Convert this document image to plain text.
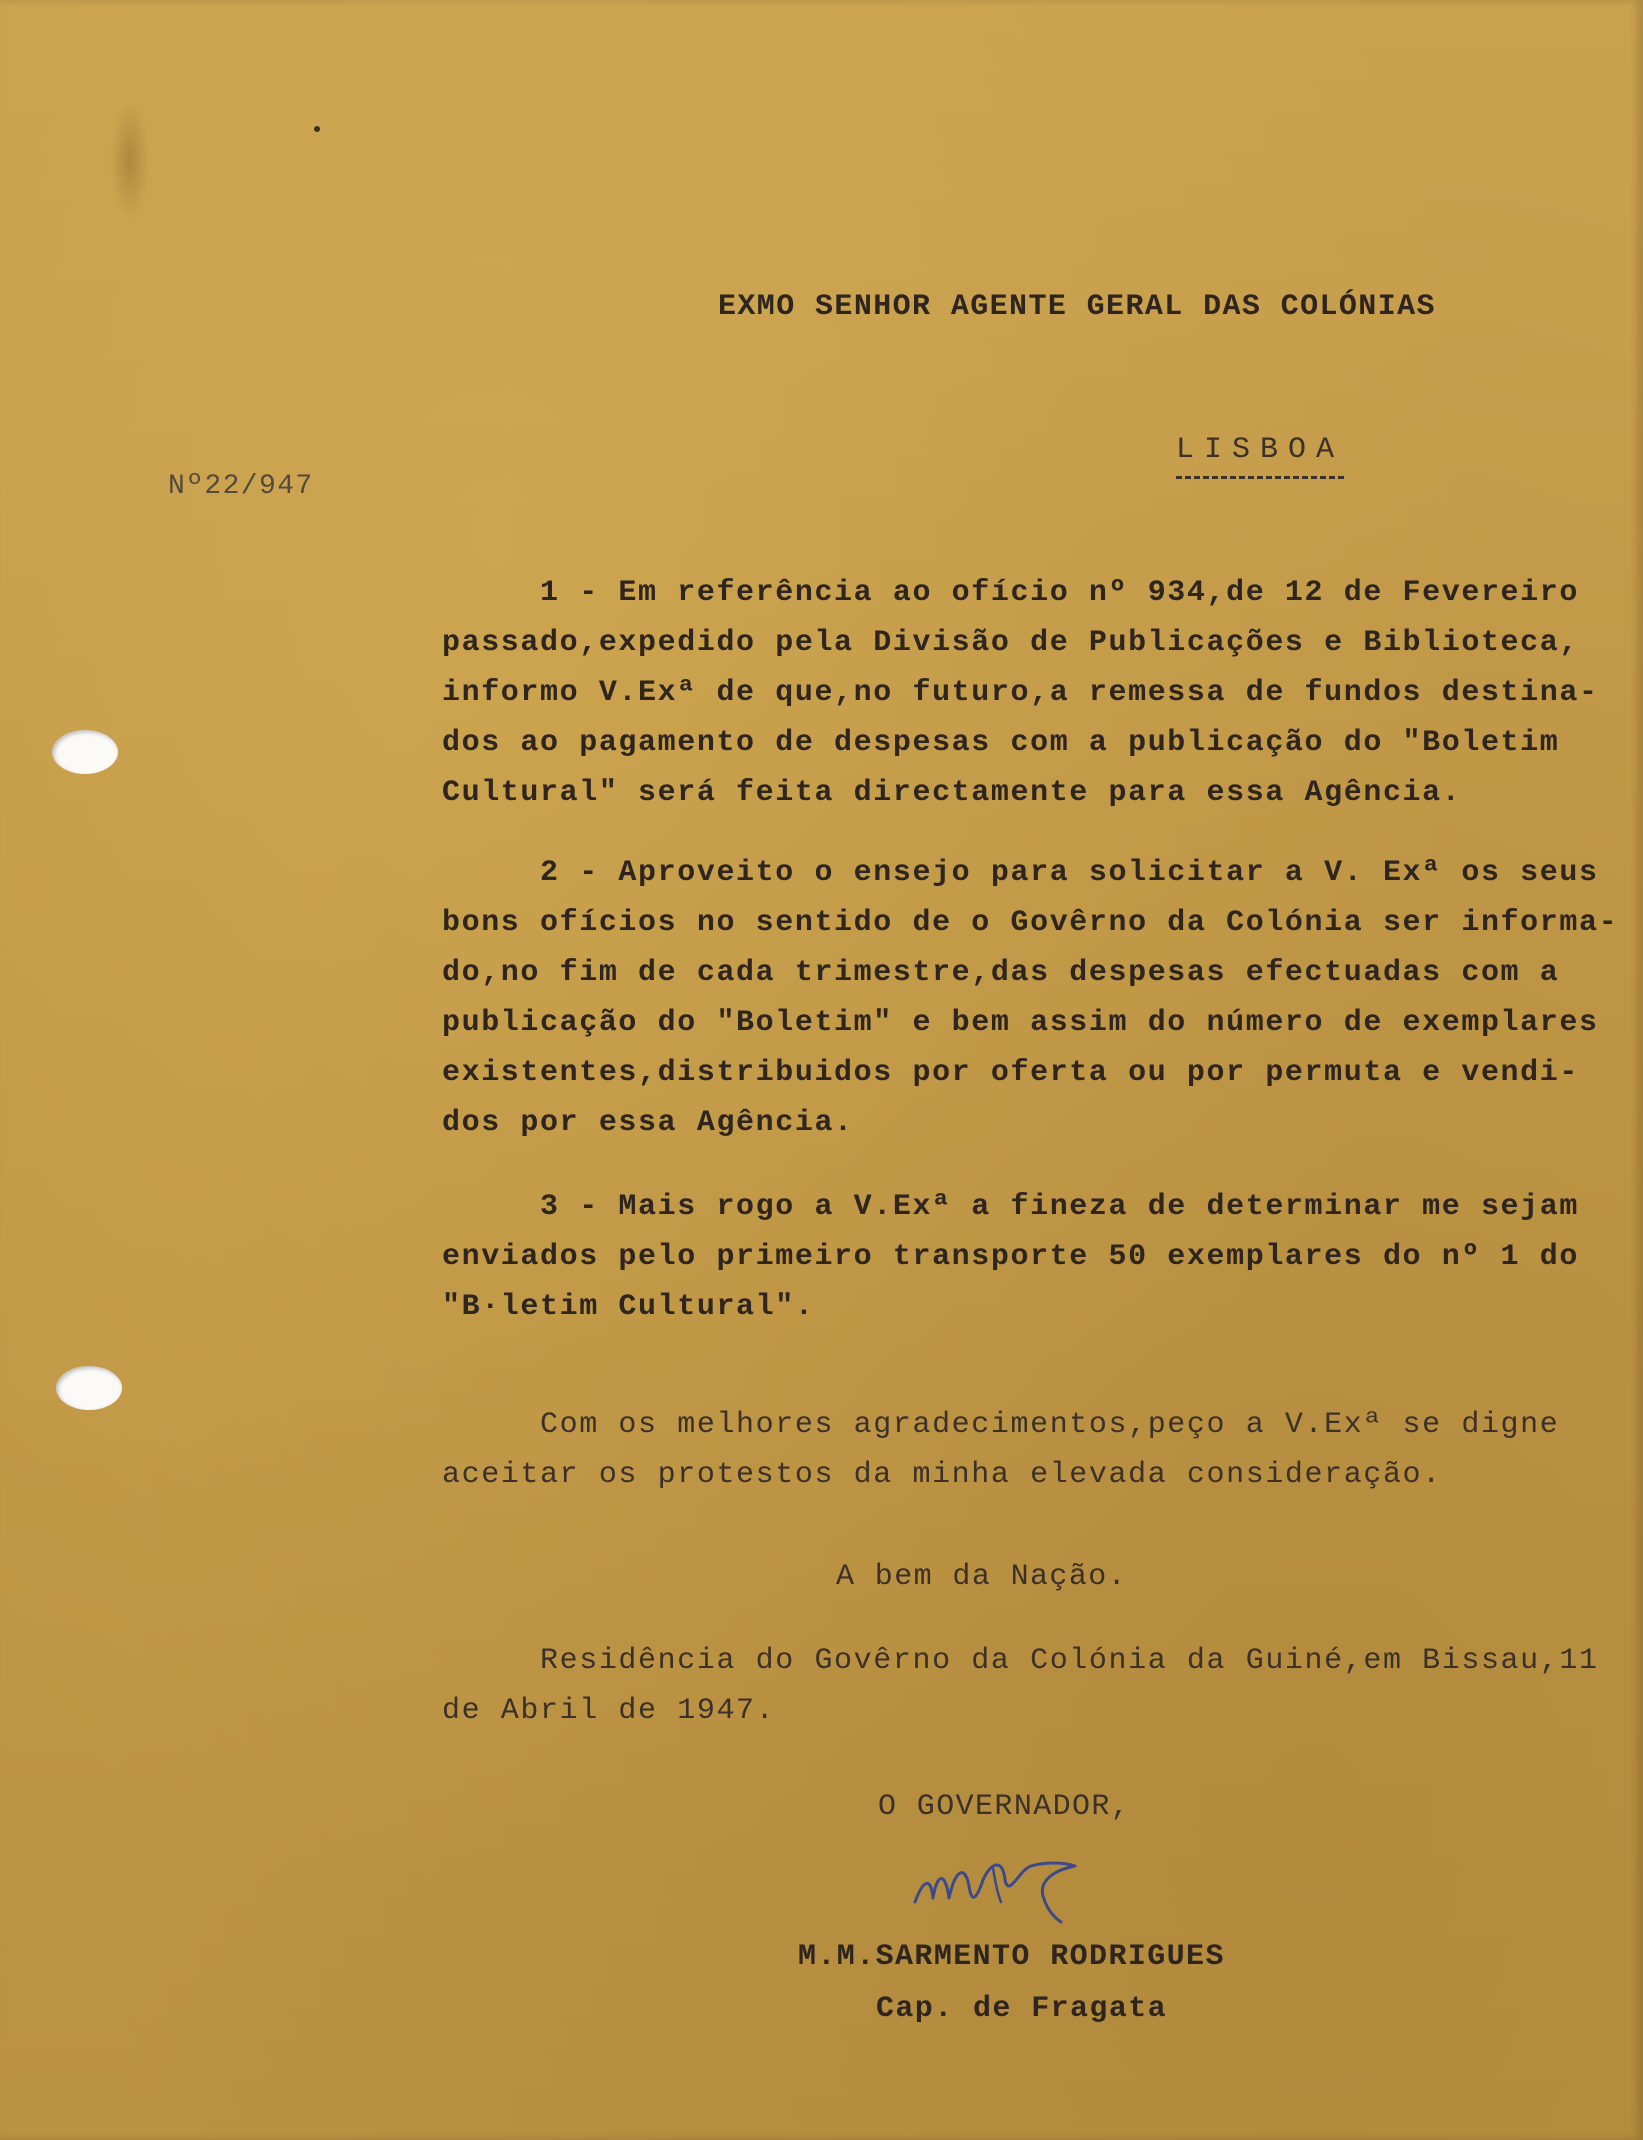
EXMO SENHOR AGENTE GERAL DAS COLÓNIAS
LISBOA
Nº22/947
1 - Em referência ao ofício nº 934,de 12 de Fevereiro
passado,expedido pela Divisão de Publicações e Biblioteca,
informo V.Exª de que,no futuro,a remessa de fundos destina-
dos ao pagamento de despesas com a publicação do "Boletim
Cultural" será feita directamente para essa Agência.
2 - Aproveito o ensejo para solicitar a V. Exª os seus
bons ofícios no sentido de o Govêrno da Colónia ser informa-
do,no fim de cada trimestre,das despesas efectuadas com a
publicação do "Boletim" e bem assim do número de exemplares
existentes,distribuidos por oferta ou por permuta e vendi-
dos por essa Agência.
3 - Mais rogo a V.Exª a fineza de determinar me sejam
enviados pelo primeiro transporte 50 exemplares do nº 1 do
"B·letim Cultural".
Com os melhores agradecimentos,peço a V.Exª se digne
aceitar os protestos da minha elevada consideração.
A bem da Nação.
Residência do Govêrno da Colónia da Guiné,em Bissau,11
de Abril de 1947.
O GOVERNADOR,
M.M.SARMENTO RODRIGUES
Cap. de Fragata
